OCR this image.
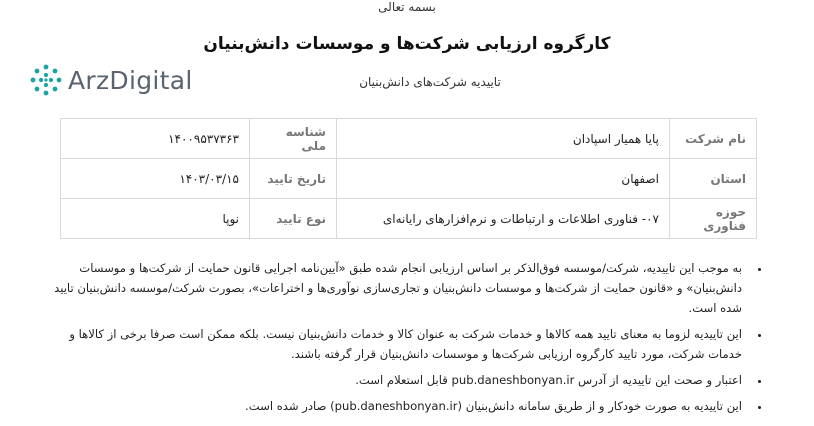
بسمه تعالی
کارگروه ارزیابی شرکت‌ها و موسسات دانش‌بنیان
تاییدیه شرکت‌های دانش‌بنیان
ArzDigital
نام شرکت	پایا همیار اسپادان	شناسه ملی	۱۴۰۰۹۵۳۷۳۶۳
استان	اصفهان	تاریخ تایید	۱۴۰۳/۰۳/۱۵
حوزه فناوری	۰۷- فناوری اطلاعات و ارتباطات و نرم‌افزارهای رایانه‌ای	نوع تایید	نوپا
• به موجب این تاییدیه، شرکت/موسسه فوق‌الذکر بر اساس ارزیابی انجام شده طبق «آیین‌نامه اجرایی قانون حمایت از شرکت‌ها و موسسات دانش‌بنیان» و «قانون حمایت از شرکت‌ها و موسسات دانش‌بنیان و تجاری‌سازی نوآوری‌ها و اختراعات»، بصورت شرکت/موسسه دانش‌بنیان تایید شده است.
• این تاییدیه لزوما به معنای تایید همه کالاها و خدمات شرکت به عنوان کالا و خدمات دانش‌بنیان نیست. بلکه ممکن است صرفا برخی از کالاها و خدمات شرکت، مورد تایید کارگروه ارزیابی شرکت‌ها و موسسات دانش‌بنیان قرار گرفته باشند.
• اعتبار و صحت این تاییدیه از آدرس pub.daneshbonyan.ir قابل استعلام است.
• این تاییدیه به صورت خودکار و از طریق سامانه دانش‌بنیان (pub.daneshbonyan.ir) صادر شده است.
